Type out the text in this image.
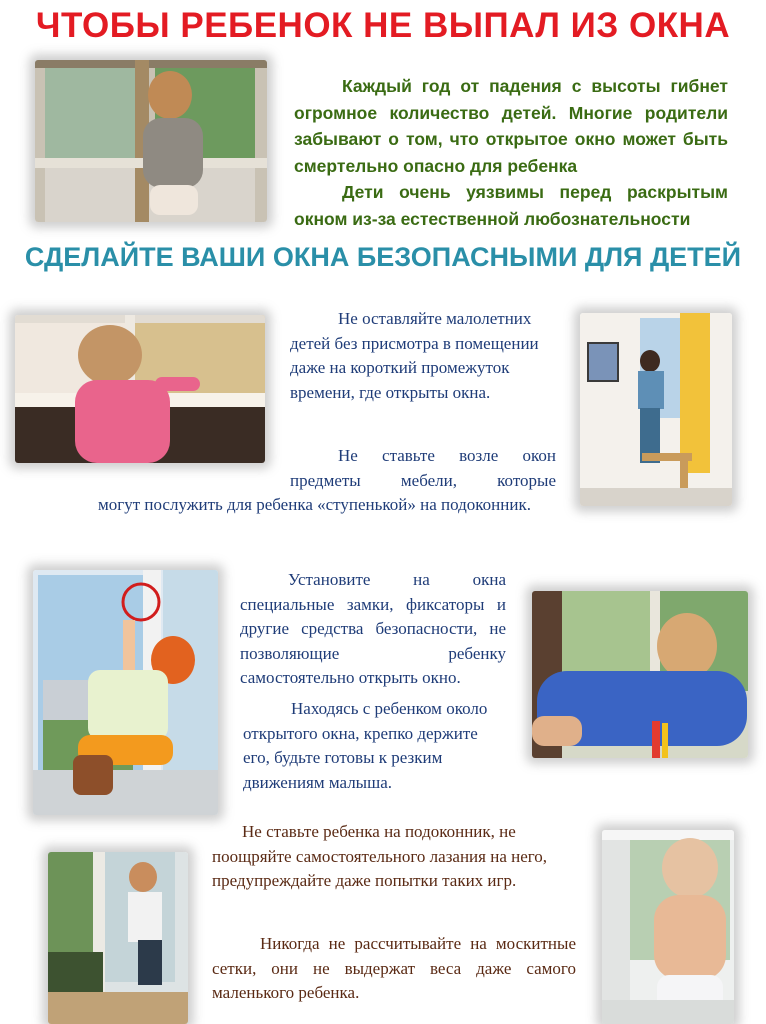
ЧТОБЫ РЕБЕНОК НЕ ВЫПАЛ ИЗ ОКНА

Каждый год от падения с высоты гибнет огромное количество детей. Многие родители забывают о том, что открытое окно может быть смертельно опасно для ребенка

Дети очень уязвимы перед раскрытым окном из-за естественной любознательности

СДЕЛАЙТЕ ВАШИ ОКНА БЕЗОПАСНЫМИ ДЛЯ ДЕТЕЙ

Не оставляйте малолетних детей без присмотра в помещении даже на короткий промежуток времени, где открыты окна.

Не ставьте возле окон предметы мебели, которые

могут послужить для ребенка «ступенькой» на подоконник.

Установите на окна специальные замки, фиксаторы и другие средства безопасности, не позволяющие ребенку самостоятельно открыть окно.

Находясь с ребенком около открытого окна, крепко держите его, будьте готовы к резким движениям малыша.

Не ставьте ребенка на подоконник, не поощряйте самостоятельного лазания на него, предупреждайте даже попытки таких игр.

Никогда не рассчитывайте на москитные сетки, они не выдержат веса даже самого маленького ребенка.
